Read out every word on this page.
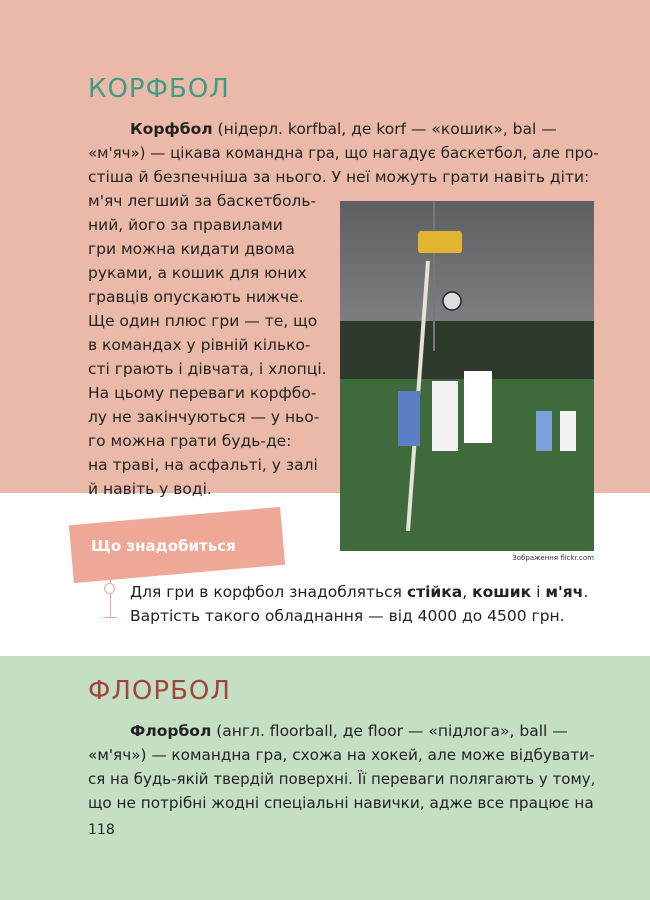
КОРФБОЛ
Корфбол (нідерл. korfbal, де korf — «кошик», bal —
«м'яч») — цікава командна гра, що нагадує баскетбол, але про-
стіша й безпечніша за нього. У неї можуть грати навіть діти:
м'яч легший за баскетболь-
ний, його за правилами
гри можна кидати двома
руками, а кошик для юних
гравців опускають нижче.
Ще один плюс гри — те, що
в командах у рівній кілько-
сті грають і дівчата, і хлопці.
На цьому переваги корфбо-
лу не закінчуються — у ньо-
го можна грати будь-де:
на траві, на асфальті, у залі
й навіть у воді.
Зображення flickr.com
Що знадобиться
Для гри в корфбол знадобляться стійка, кошик і м'яч.
Вартість такого обладнання — від 4000 до 4500 грн.
ФЛОРБОЛ
Флорбол (англ. floorball, де floor — «підлога», ball —
«м'яч») — командна гра, схожа на хокей, але може відбувати-
ся на будь-якій твердій поверхні. Її переваги полягають у тому,
що не потрібні жодні спеціальні навички, адже все працює на
118
